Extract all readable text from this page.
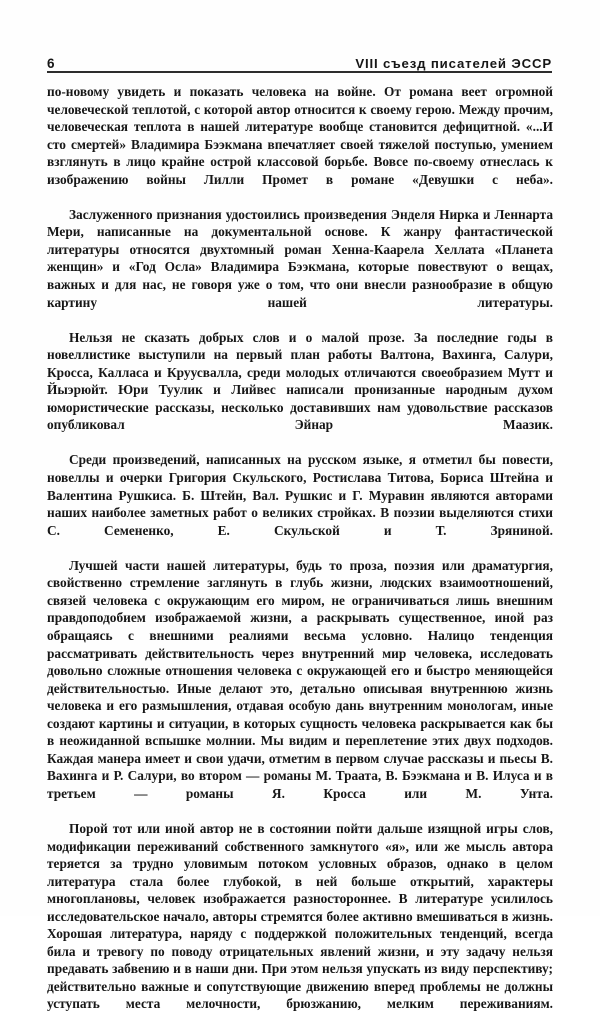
6	VIII съезд писателей ЭССР

по-новому увидеть и показать человека на войне. От романа веет огромной человеческой теплотой, с которой автор относится к своему герою. Между прочим, человеческая теплота в нашей литературе вообще становится дефицитной. «...И сто смертей» Владимира Бээкмана впечатляет своей тяжелой поступью, умением взглянуть в лицо крайне острой классовой борьбе. Вовсе по-своему отнеслась к изображению войны Лилли Промет в романе «Девушки с неба».

Заслуженного признания удостоились произведения Энделя Нирка и Леннарта Мери, написанные на документальной основе. К жанру фантастической литературы относятся двухтомный роман Хенна-Каарела Хеллата «Планета женщин» и «Год Осла» Владимира Бээкмана, которые повествуют о вещах, важных и для нас, не говоря уже о том, что они внесли разнообразие в общую картину нашей литературы.

Нельзя не сказать добрых слов и о малой прозе. За последние годы в новеллистике выступили на первый план работы Валтона, Вахинга, Салури, Кросса, Калласа и Круусвалла, среди молодых отличаются своеобразием Мутт и Йыэрюйт. Юри Туулик и Лийвес написали пронизанные народным духом юмористические рассказы, несколько доставивших нам удовольствие рассказов опубликовал Эйнар Маазик.

Среди произведений, написанных на русском языке, я отметил бы повести, новеллы и очерки Григория Скульского, Ростислава Титова, Бориса Штейна и Валентина Рушкиса. Б. Штейн, Вал. Рушкис и Г. Муравин являются авторами наших наиболее заметных работ о великих стройках. В поэзии выделяются стихи С. Семененко, Е. Скульской и Т. Зряниной.

Лучшей части нашей литературы, будь то проза, поэзия или драматургия, свойственно стремление заглянуть в глубь жизни, людских взаимоотношений, связей человека с окружающим его миром, не ограничиваться лишь внешним правдоподобием изображаемой жизни, а раскрывать существенное, иной раз обращаясь с внешними реалиями весьма условно. Налицо тенденция рассматривать действительность через внутренний мир человека, исследовать довольно сложные отношения человека с окружающей его и быстро меняющейся действительностью. Иные делают это, детально описывая внутреннюю жизнь человека и его размышления, отдавая особую дань внутренним монологам, иные создают картины и ситуации, в которых сущность человека раскрывается как бы в неожиданной вспышке молнии. Мы видим и переплетение этих двух подходов. Каждая манера имеет и свои удачи, отметим в первом случае рассказы и пьесы В. Вахинга и Р. Салури, во втором — романы М. Траата, В. Бээкмана и В. Илуса и в третьем — романы Я. Кросса или М. Унта.

Порой тот или иной автор не в состоянии пойти дальше изящной игры слов, модификации переживаний собственного замкнутого «я», или же мысль автора теряется за трудно уловимым потоком условных образов, однако в целом литература стала более глубокой, в ней больше открытий, характеры многоплановы, человек изображается разностороннее. В литературе усилилось исследовательское начало, авторы стремятся более активно вмешиваться в жизнь. Хорошая литература, наряду с поддержкой положительных тенденций, всегда била и тревогу по поводу отрицательных явлений жизни, и эту задачу нельзя предавать забвению и в наши дни. При этом нельзя упускать из виду перспективу; действительно важные и сопутствующие движению вперед проблемы не должны уступать места мелочности, брюзжанию, мелким переживаниям.
